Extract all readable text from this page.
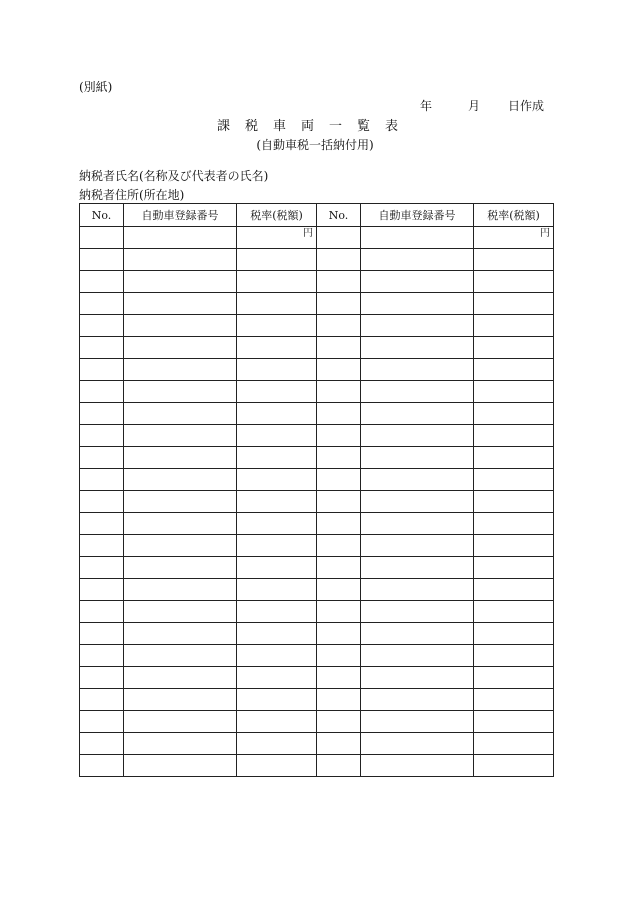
(別紙)
年	月 日作成
課税車両一覧表
(自動車税一括納付用)
納税者氏名(名称及び代表者の氏名)
納税者住所(所在地)
No.	自動車登録番号	税率(税額)	No.	自動車登録番号	税率(税額)
		円			円
